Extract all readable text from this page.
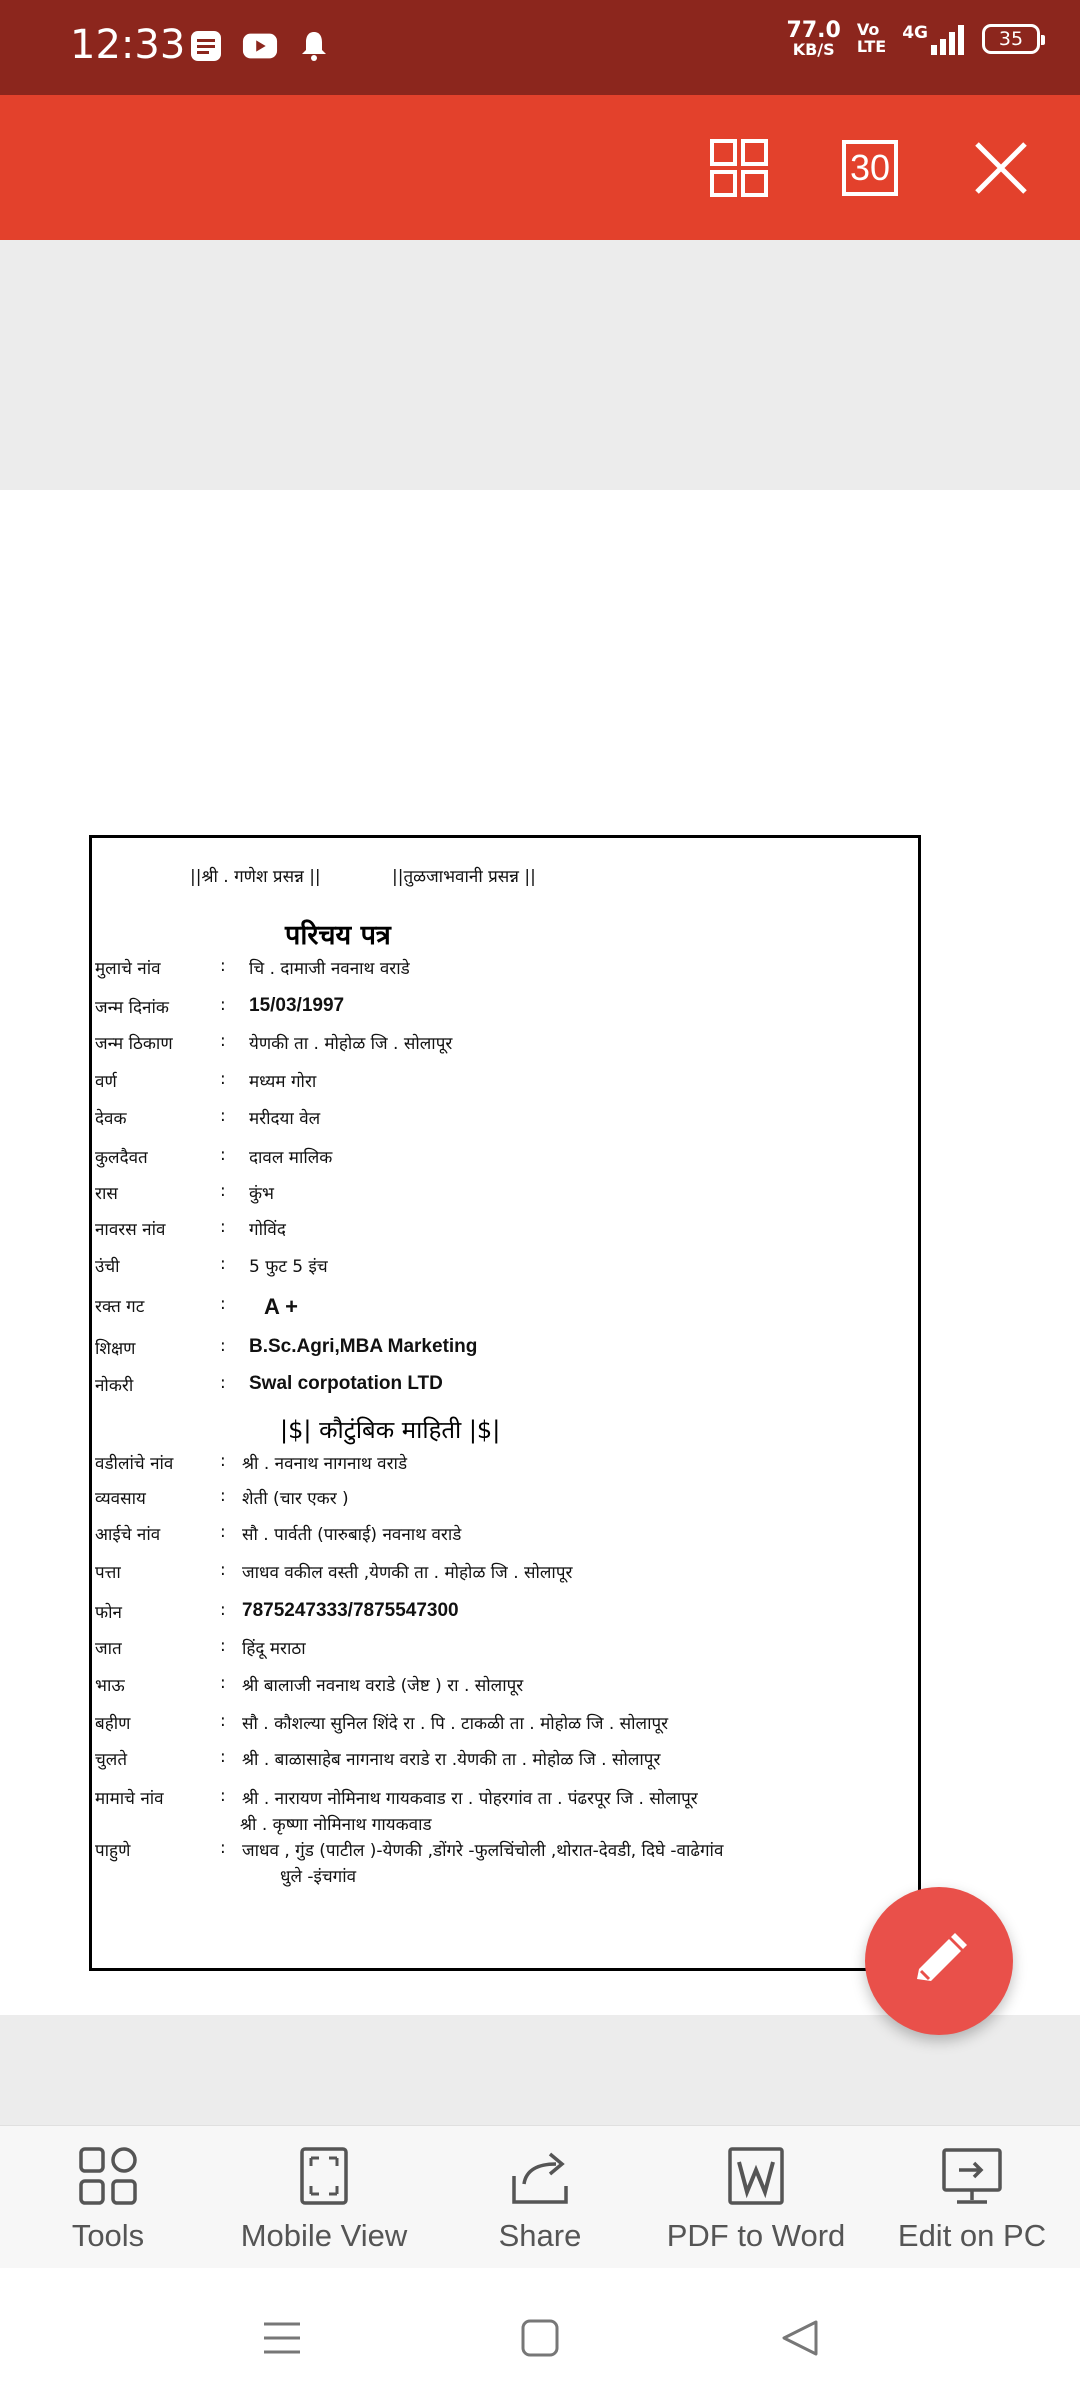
12:33	77.0
KB/S
Vo
LTE
4G	35
30
||श्री . गणेश प्रसन्न ||	||तुळजाभवानी प्रसन्न ||
परिचय पत्र
मुलाचे नांव	: चि . दामाजी नवनाथ वराडे
जन्म दिनांक	: 15/03/1997
जन्म ठिकाण	: येणकी ता . मोहोळ जि . सोलापूर
वर्ण	: मध्यम गोरा
देवक	: मरीदया वेल
कुलदैवत	: दावल मालिक
रास	: कुंभ
नावरस नांव	: गोविंद
उंची	: 5 फुट 5 इंच
रक्त गट	: A +
शिक्षण	: B.Sc.Agri,MBA Marketing
नोकरी	: Swal corpotation LTD
|$| कौटुंबिक माहिती |$|
वडीलांचे नांव	: श्री . नवनाथ नागनाथ वराडे
व्यवसाय	: शेती (चार एकर )
आईचे नांव	: सौ . पार्वती (पारुबाई) नवनाथ वराडे
पत्ता	: जाधव वकील वस्ती ,येणकी ता . मोहोळ जि . सोलापूर
फोन	: 7875247333/7875547300
जात	: हिंदू मराठा
भाऊ	: श्री बालाजी नवनाथ वराडे (जेष्ट ) रा . सोलापूर
बहीण	: सौ . कौशल्या सुनिल शिंदे रा . पि . टाकळी ता . मोहोळ जि . सोलापूर
चुलते	: श्री . बाळासाहेब नागनाथ वराडे रा .येणकी ता . मोहोळ जि . सोलापूर
मामाचे नांव	: श्री . नारायण नोमिनाथ गायकवाड रा . पोहरगांव ता . पंढरपूर जि . सोलापूर
श्री . कृष्णा नोमिनाथ गायकवाड
पाहुणे	: जाधव , गुंड (पाटील )-येणकी ,डोंगरे -फुलचिंचोली ,थोरात-देवडी, दिघे -वाढेगांव
धुले -इंचगांव
Tools	Mobile View	Share	PDF to Word Edit on PC
